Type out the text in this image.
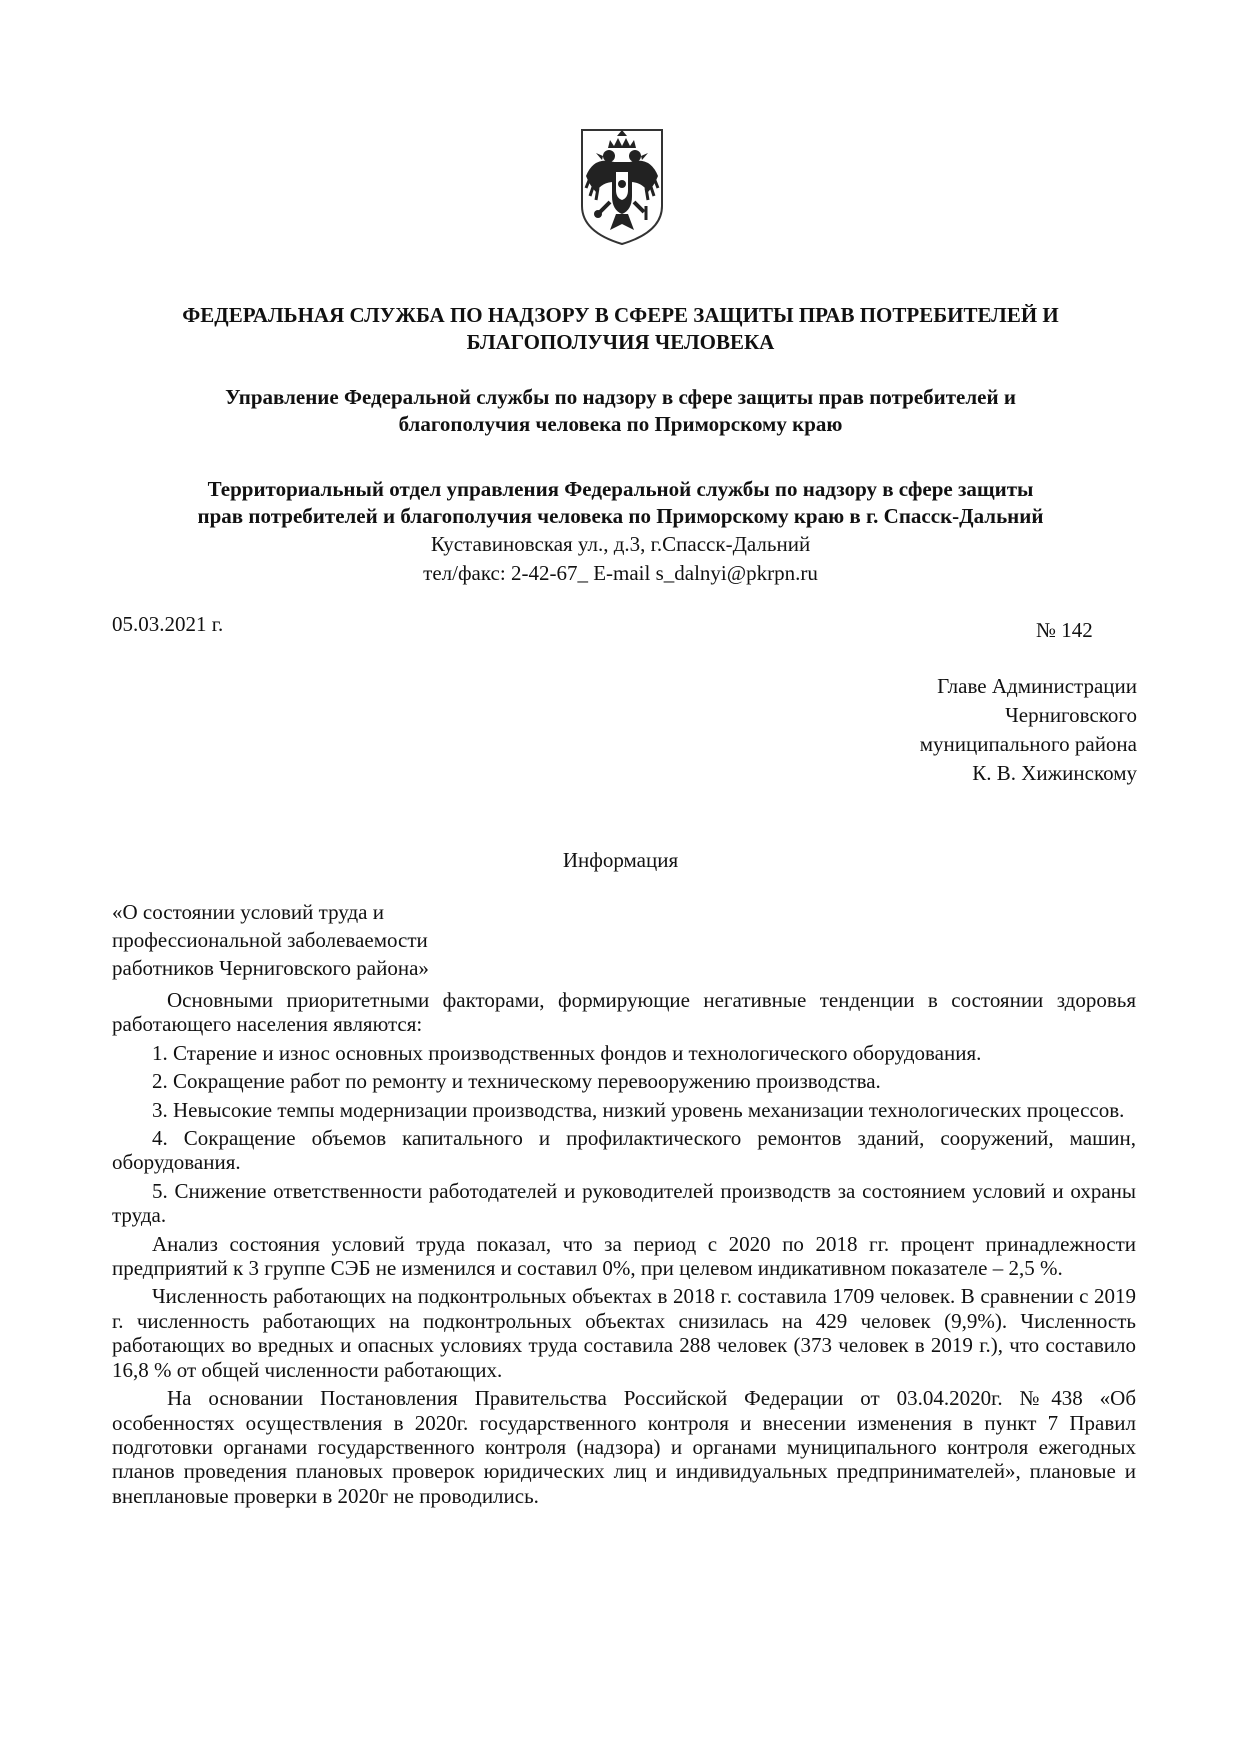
ФЕДЕРАЛЬНАЯ СЛУЖБА ПО НАДЗОРУ В СФЕРЕ ЗАЩИТЫ ПРАВ ПОТРЕБИТЕЛЕЙ И
БЛАГОПОЛУЧИЯ ЧЕЛОВЕКА
Управление Федеральной службы по надзору в сфере защиты прав потребителей и
благополучия человека по Приморскому краю
Территориальный отдел управления Федеральной службы по надзору в сфере защиты
прав потребителей и благополучия человека по Приморскому краю в г. Спасск-Дальний
Куставиновская ул., д.3, г.Спасск-Дальний
тел/факс: 2-42-67_ E-mail s_dalnyi@pkrpn.ru
05.03.2021 г.	№ 142
Главе Администрации
Черниговского
муниципального района
К. В. Хижинскому
Информация
«О состоянии условий труда и
профессиональной заболеваемости
работников Черниговского района»

Основными приоритетными факторами, формирующие негативные тенденции в состоянии здоровья работающего населения являются:

1. Старение и износ основных производственных фондов и технологического оборудования.

2. Сокращение работ по ремонту и техническому перевооружению производства.

3. Невысокие темпы модернизации производства, низкий уровень механизации технологических процессов.

4. Сокращение объемов капитального и профилактического ремонтов зданий, сооружений, машин, оборудования.

5. Снижение ответственности работодателей и руководителей производств за состоянием условий и охраны труда.

Анализ состояния условий труда показал, что за период с 2020 по 2018 гг. процент принадлежности предприятий к 3 группе СЭБ не изменился и составил 0%, при целевом индикативном показателе – 2,5 %.

Численность работающих на подконтрольных объектах в 2018 г. составила 1709 человек. В сравнении с 2019 г. численность работающих на подконтрольных объектах снизилась на 429 человек (9,9%). Численность работающих во вредных и опасных условиях труда составила 288 человек (373 человек в 2019 г.), что составило 16,8 % от общей численности работающих.

На основании Постановления Правительства Российской Федерации от 03.04.2020г. №438 «Об особенностях осуществления в 2020г. государственного контроля и внесении изменения в пункт 7 Правил подготовки органами государственного контроля (надзора) и органами муниципального контроля ежегодных планов проведения плановых проверок юридических лиц и индивидуальных предпринимателей», плановые и внеплановые проверки в 2020г не проводились.
